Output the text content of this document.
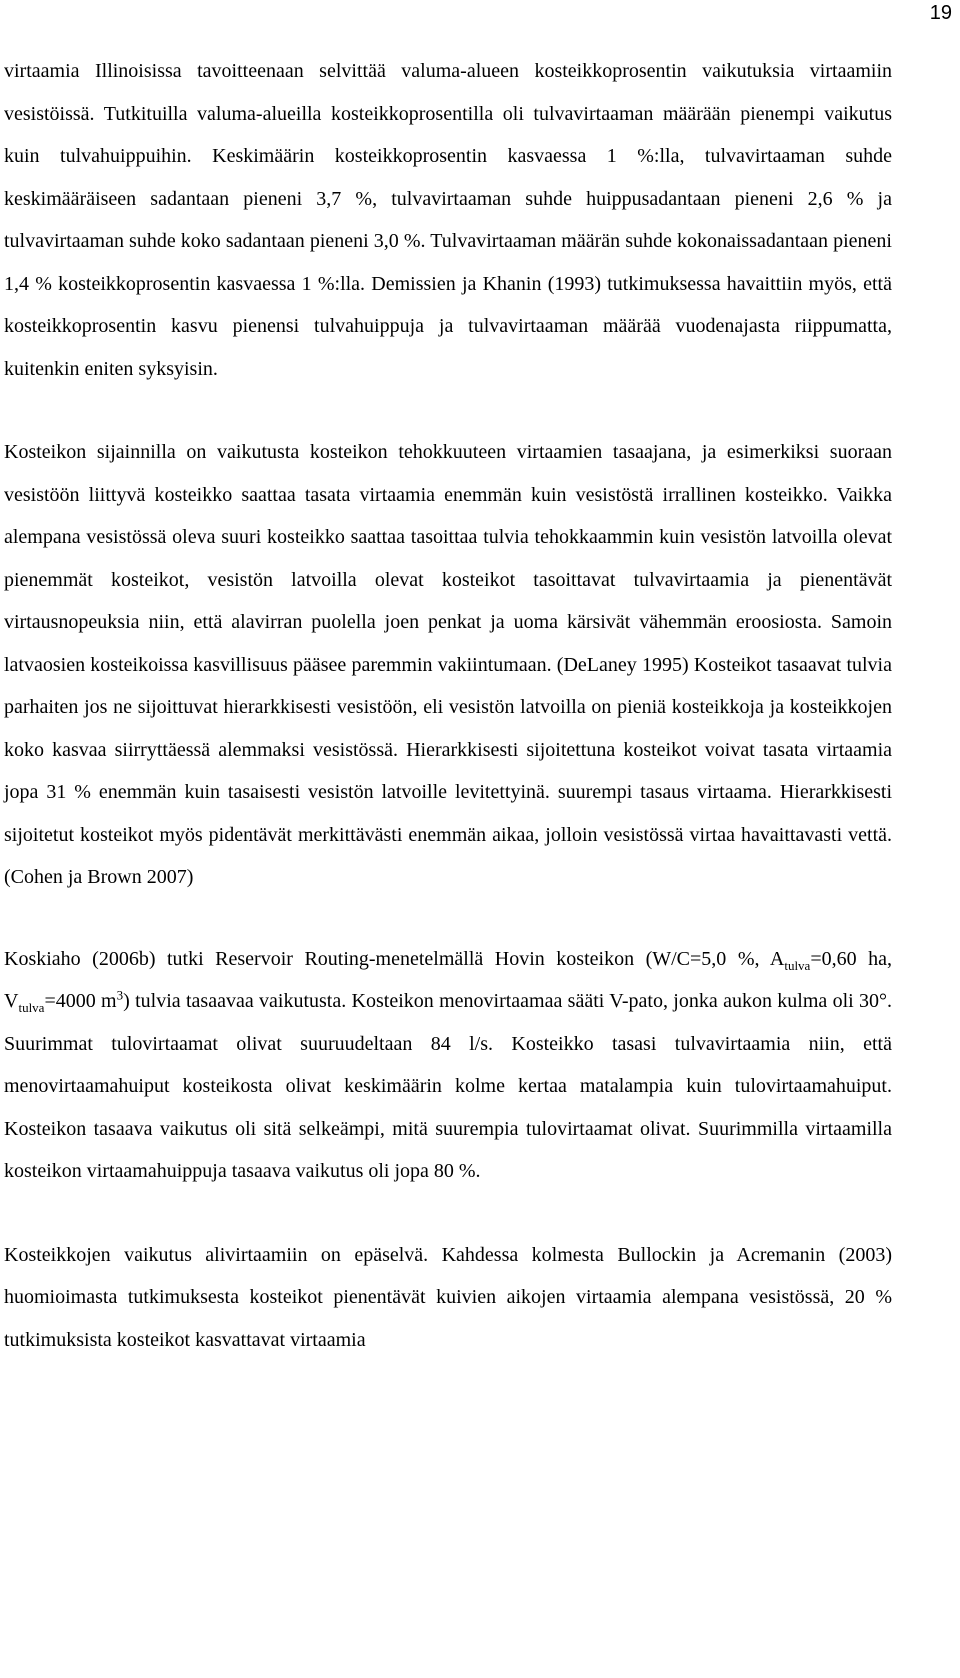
19

virtaamia Illinoisissa tavoitteenaan selvittää valuma-alueen kosteikkoprosentin vaikutuksia virtaamiin vesistöissä. Tutkituilla valuma-alueilla kosteikkoprosentilla oli tulvavirtaaman määrään pienempi vaikutus kuin tulvahuippuihin. Keskimäärin kosteikkoprosentin kasvaessa 1 %:lla, tulvavirtaaman suhde keskimääräiseen sadantaan pieneni 3,7 %, tulvavirtaaman suhde huippusadantaan pieneni 2,6 % ja tulvavirtaaman suhde koko sadantaan pieneni 3,0 %. Tulvavirtaaman määrän suhde kokonaissadantaan pieneni 1,4 % kosteikkoprosentin kasvaessa 1 %:lla. Demissien ja Khanin (1993) tutkimuksessa havaittiin myös, että kosteikkoprosentin kasvu pienensi tulvahuippuja ja tulvavirtaaman määrää vuodenajasta riippumatta, kuitenkin eniten syksyisin.

Kosteikon sijainnilla on vaikutusta kosteikon tehokkuuteen virtaamien tasaajana, ja esimerkiksi suoraan vesistöön liittyvä kosteikko saattaa tasata virtaamia enemmän kuin vesistöstä irrallinen kosteikko. Vaikka alempana vesistössä oleva suuri kosteikko saattaa tasoittaa tulvia tehokkaammin kuin vesistön latvoilla olevat pienemmät kosteikot, vesistön latvoilla olevat kosteikot tasoittavat tulvavirtaamia ja pienentävät virtausnopeuksia niin, että alavirran puolella joen penkat ja uoma kärsivät vähemmän eroosiosta. Samoin latvaosien kosteikoissa kasvillisuus pääsee paremmin vakiintumaan. (DeLaney 1995) Kosteikot tasaavat tulvia parhaiten jos ne sijoittuvat hierarkkisesti vesistöön, eli vesistön latvoilla on pieniä kosteikkoja ja kosteikkojen koko kasvaa siirryttäessä alemmaksi vesistössä. Hierarkkisesti sijoitettuna kosteikot voivat tasata virtaamia jopa 31 % enemmän kuin tasaisesti vesistön latvoille levitettyinä. suurempi tasaus virtaama. Hierarkkisesti sijoitetut kosteikot myös pidentävät merkittävästi enemmän aikaa, jolloin vesistössä virtaa havaittavasti vettä. (Cohen ja Brown 2007)

Koskiaho (2006b) tutki Reservoir Routing-menetelmällä Hovin kosteikon (W/C=5,0 %, $A_{tulva}=0,60$ ha, $V_{tulva}=4000$ $m^3$) tulvia tasaavaa vaikutusta. Kosteikon menovirtaamaa sääti V-pato, jonka aukon kulma oli 30°. Suurimmat tulovirtaamat olivat suuruudeltaan 84 l/s. Kosteikko tasasi tulvavirtaamia niin, että menovirtaamahuiput kosteikosta olivat keskimäärin kolme kertaa matalampia kuin tulovirtaamahuiput. Kosteikon tasaava vaikutus oli sitä selkeämpi, mitä suurempia tulovirtaamat olivat. Suurimmilla virtaamilla kosteikon virtaamahuippuja tasaava vaikutus oli jopa 80 %.

Kosteikkojen vaikutus alivirtaamiin on epäselvä. Kahdessa kolmesta Bullockin ja Acremanin (2003) huomioimasta tutkimuksesta kosteikot pienentävät kuivien aikojen virtaamia alempana vesistössä, 20 % tutkimuksista kosteikot kasvattavat virtaamia
